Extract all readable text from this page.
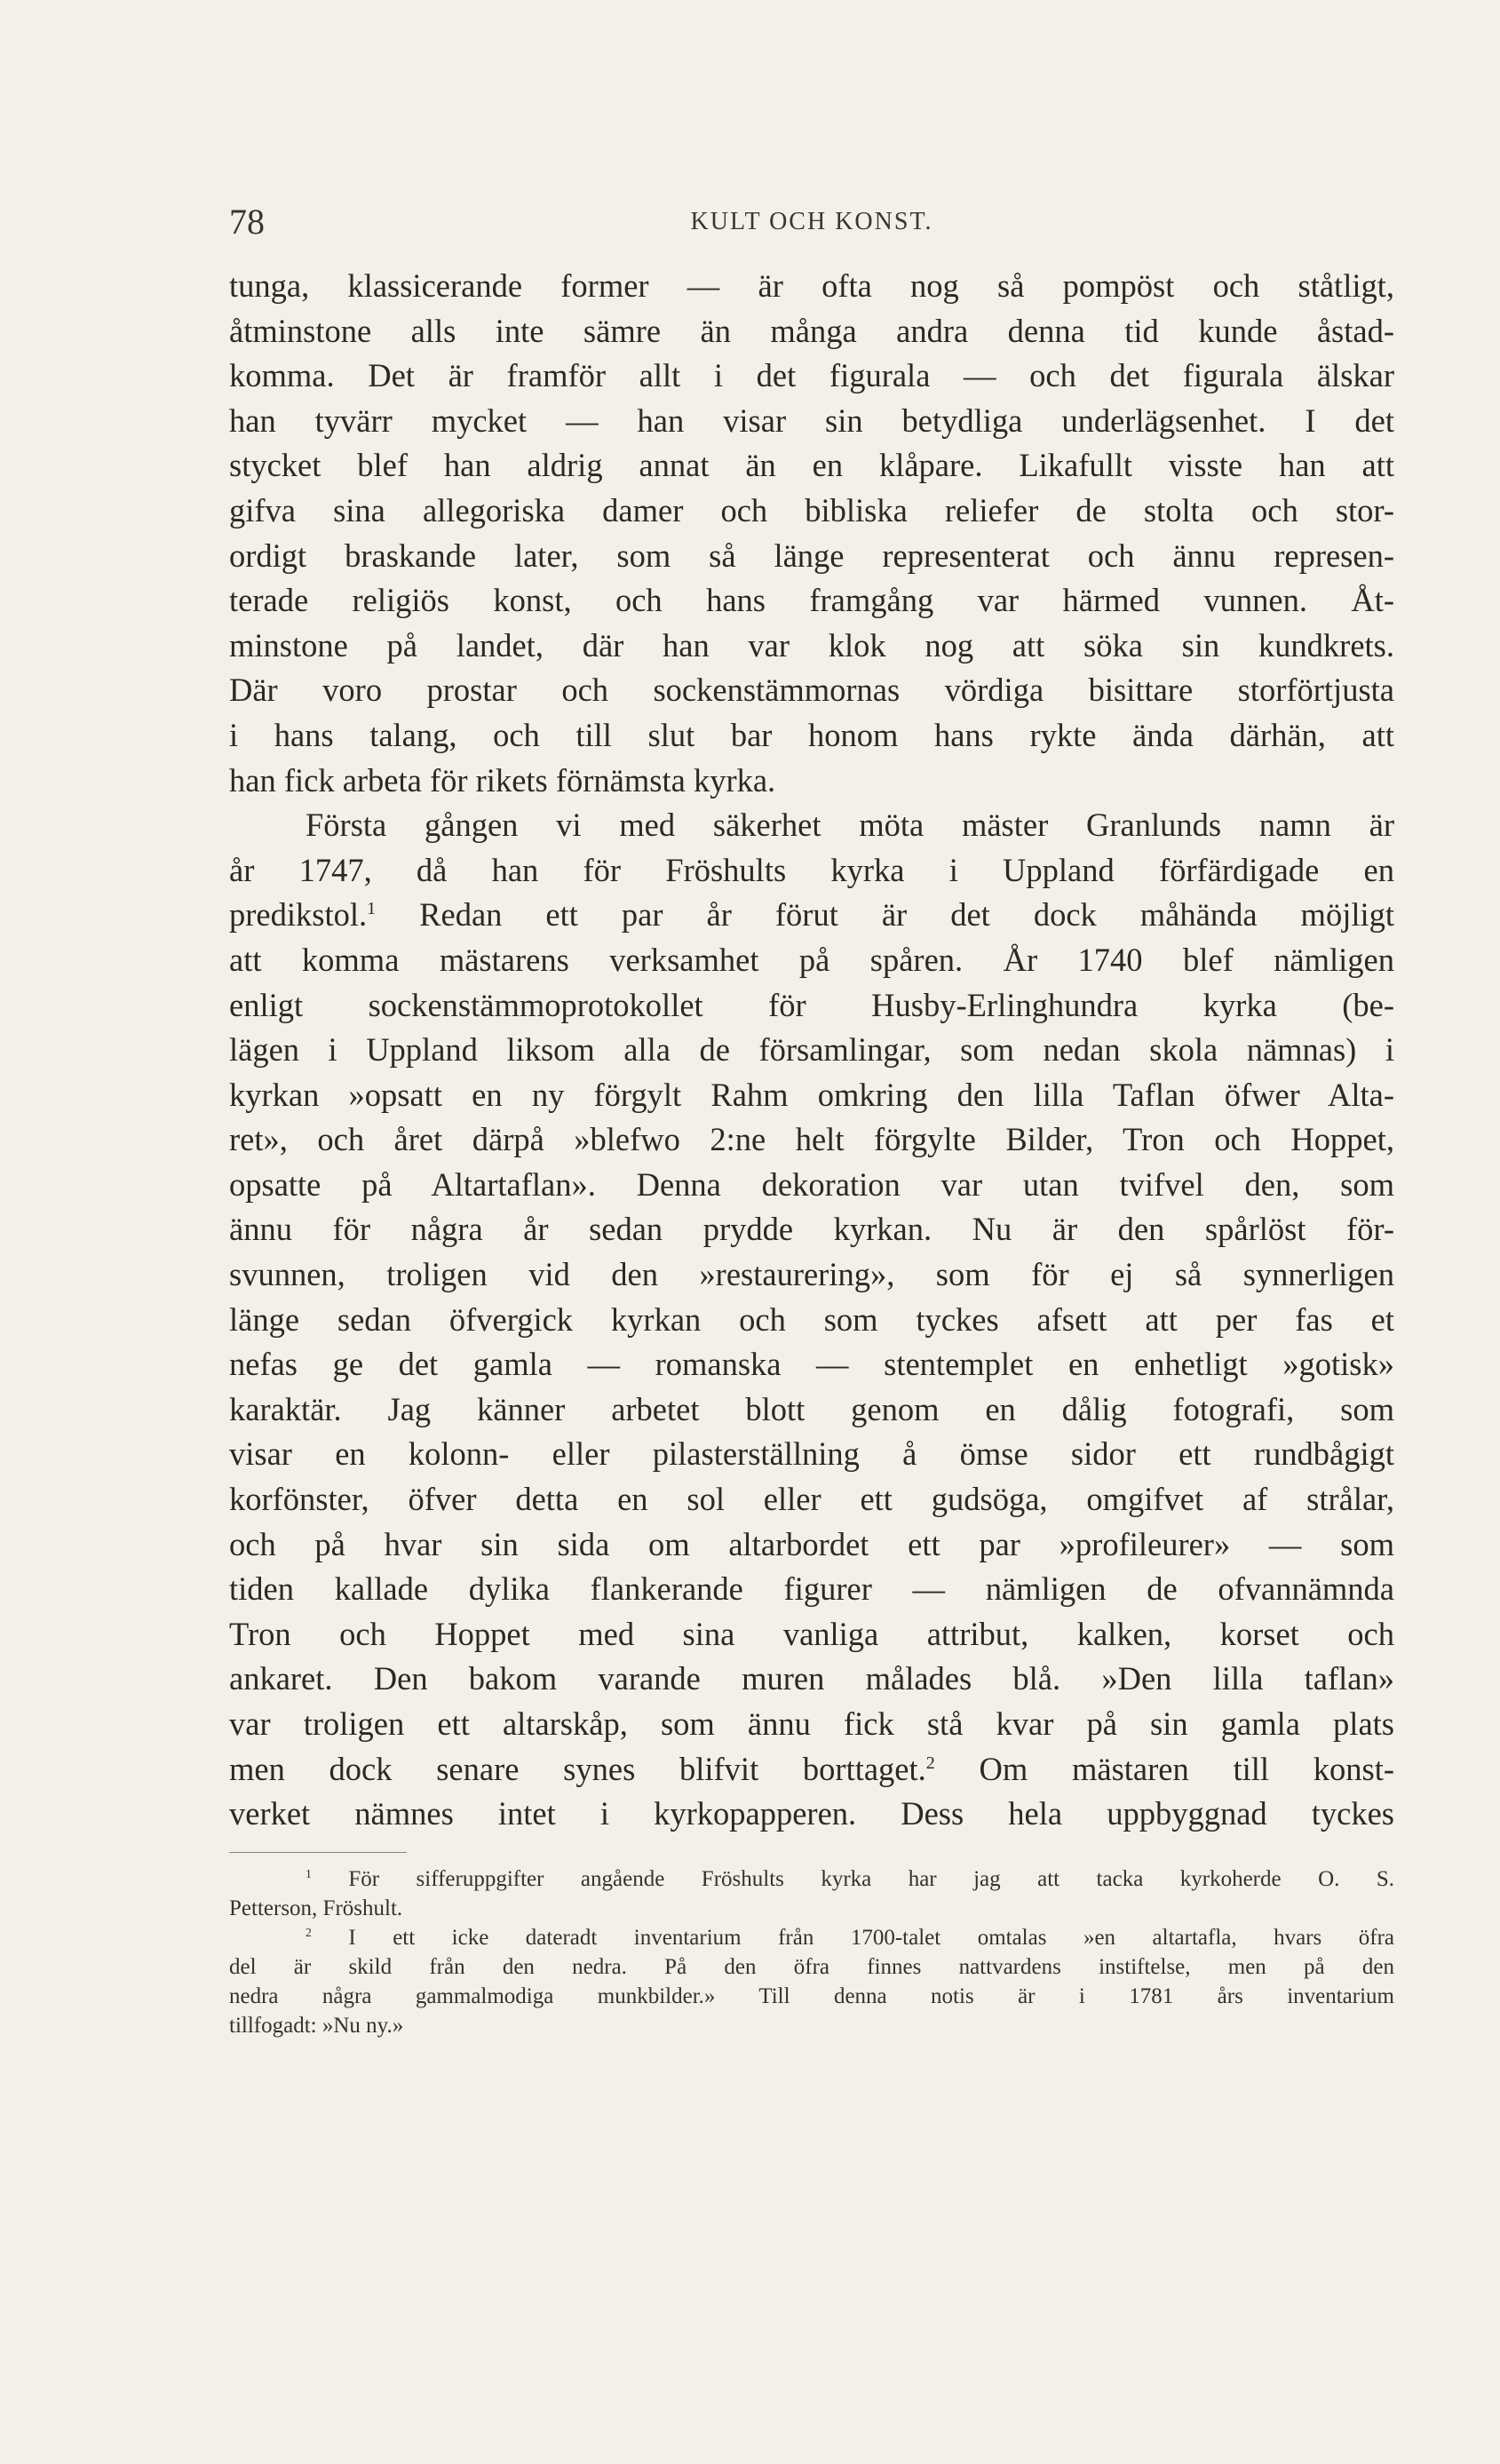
78	KULT OCH KONST.
tunga, klassicerande former — är ofta nog så pompöst och ståtligt,
åtminstone alls inte sämre än många andra denna tid kunde åstad-
komma. Det är framför allt i det figurala — och det figurala älskar
han tyvärr mycket — han visar sin betydliga underlägsenhet. I det
stycket blef han aldrig annat än en klåpare. Likafullt visste han att
gifva sina allegoriska damer och bibliska reliefer de stolta och stor-
ordigt braskande later, som så länge representerat och ännu represen-
terade religiös konst, och hans framgång var härmed vunnen. Åt-
minstone på landet, där han var klok nog att söka sin kundkrets.
Där voro prostar och sockenstämmornas vördiga bisittare storförtjusta
i hans talang, och till slut bar honom hans rykte ända därhän, att
han fick arbeta för rikets förnämsta kyrka.
Första gången vi med säkerhet möta mäster Granlunds namn är
år 1747, då han för Fröshults kyrka i Uppland förfärdigade en
predikstol.$^1$ Redan ett par år förut är det dock måhända möjligt
att komma mästarens verksamhet på spåren. År 1740 blef nämligen
enligt sockenstämmoprotokollet för Husby-Erlinghundra kyrka (be-
lägen i Uppland liksom alla de församlingar, som nedan skola nämnas) i
kyrkan »opsatt en ny förgylt Rahm omkring den lilla Taflan öfwer Alta-
ret», och året därpå »blefwo 2:ne helt förgylte Bilder, Tron och Hoppet,
opsatte på Altartaflan». Denna dekoration var utan tvifvel den, som
ännu för några år sedan prydde kyrkan. Nu är den spårlöst för-
svunnen, troligen vid den »restaurering», som för ej så synnerligen
länge sedan öfvergick kyrkan och som tyckes afsett att per fas et
nefas ge det gamla — romanska — stentemplet en enhetligt »gotisk»
karaktär. Jag känner arbetet blott genom en dålig fotografi, som
visar en kolonn- eller pilasterställning å ömse sidor ett rundbågigt
korfönster, öfver detta en sol eller ett gudsöga, omgifvet af strålar,
och på hvar sin sida om altarbordet ett par »profileurer» — som
tiden kallade dylika flankerande figurer — nämligen de ofvannämnda
Tron och Hoppet med sina vanliga attribut, kalken, korset och
ankaret. Den bakom varande muren målades blå. »Den lilla taflan»
var troligen ett altarskåp, som ännu fick stå kvar på sin gamla plats
men dock senare synes blifvit borttaget.$^2$ Om mästaren till konst-
verket nämnes intet i kyrkopapperen. Dess hela uppbyggnad tyckes
$^1$ För sifferuppgifter angående Fröshults kyrka har jag att tacka kyrkoherde O. S.
Petterson, Fröshult.
$^2$ I ett icke dateradt inventarium från 1700-talet omtalas »en altartafla, hvars öfra
del är skild från den nedra. På den öfra finnes nattvardens instiftelse, men på den
nedra några gammalmodiga munkbilder.» Till denna notis är i 1781 års inventarium
tillfogadt: »Nu ny.»
